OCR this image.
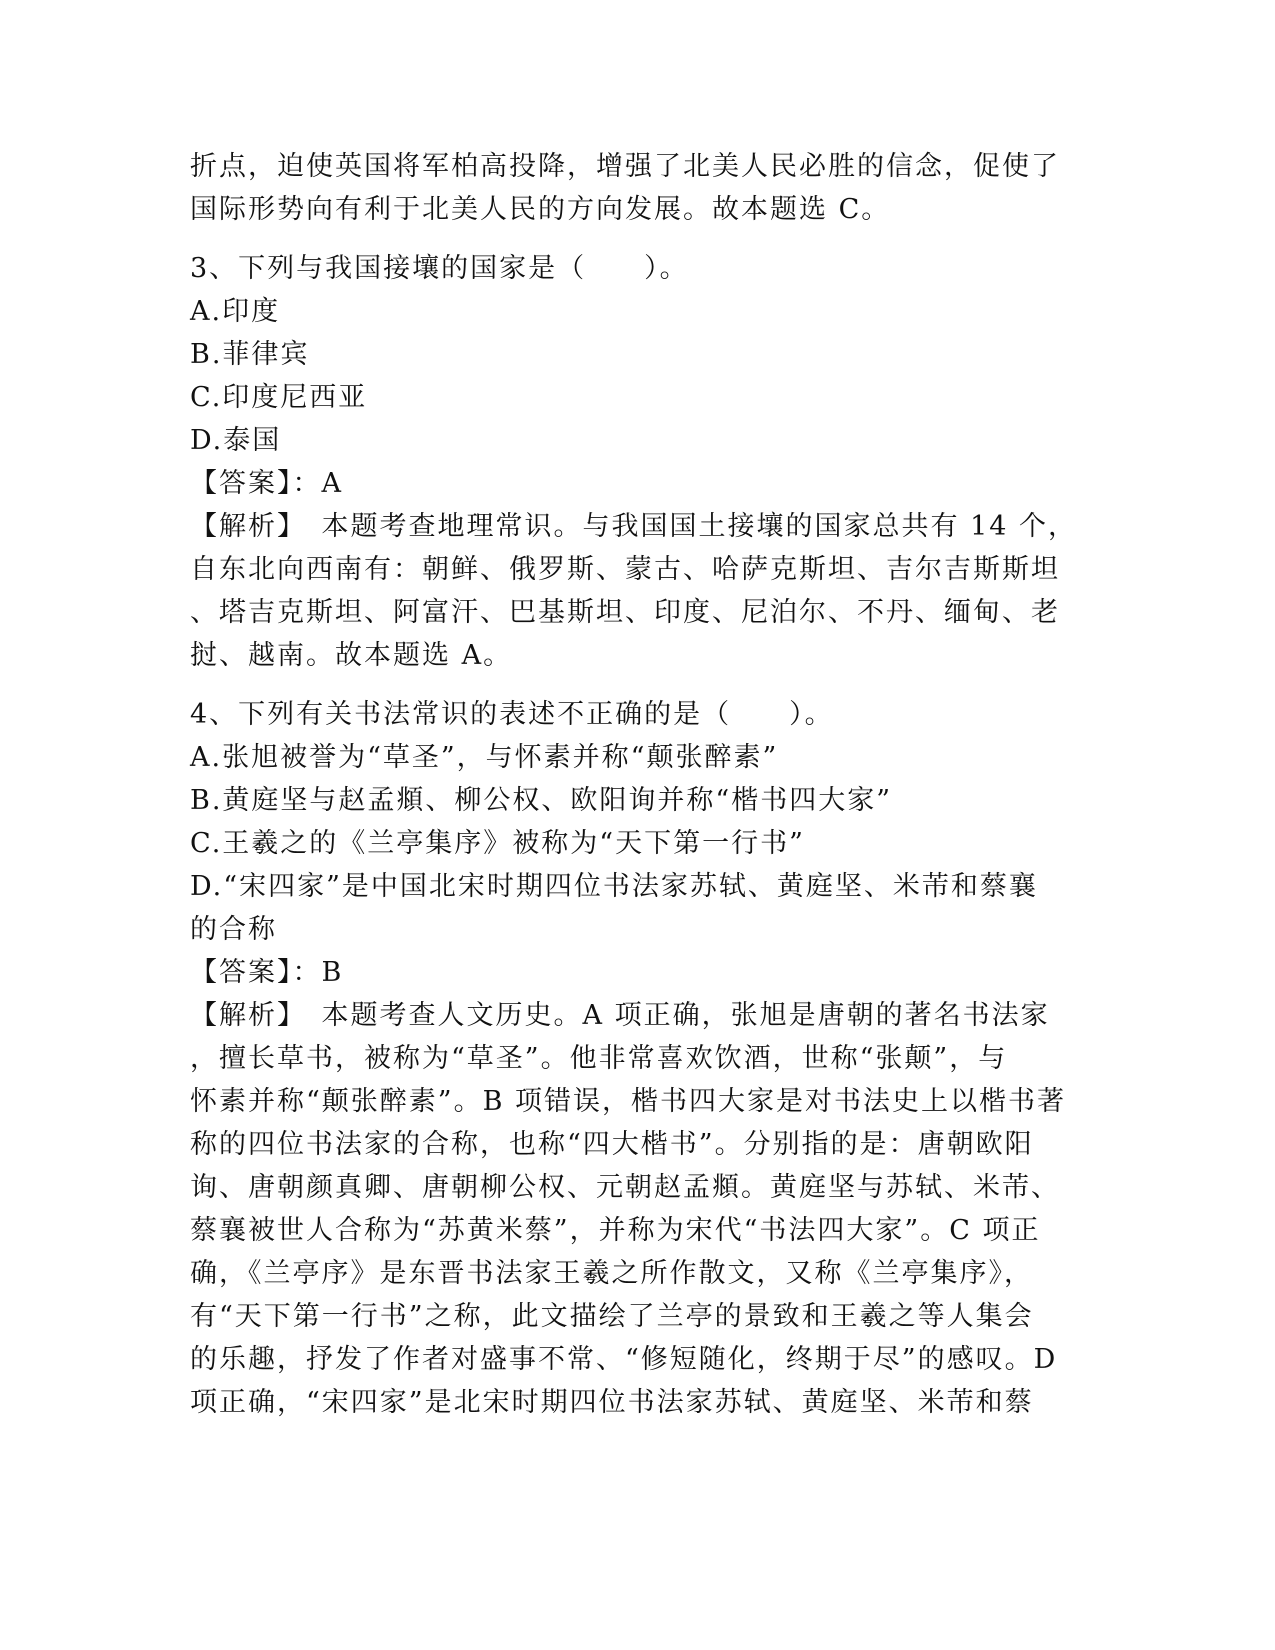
折点，迫使英国将军柏高投降，增强了北美人民必胜的信念，促使了
国际形势向有利于北美人民的方向发展。故本题选 C。
3、下列与我国接壤的国家是（　　）。
A.印度
B.菲律宾
C.印度尼西亚
D.泰国
【答案】：A
【解析】　本题考查地理常识。与我国国土接壤的国家总共有 14 个，
自东北向西南有：朝鲜、俄罗斯、蒙古、哈萨克斯坦、吉尔吉斯斯坦
、塔吉克斯坦、阿富汗、巴基斯坦、印度、尼泊尔、不丹、缅甸、老
挝、越南。故本题选 A。
4、下列有关书法常识的表述不正确的是（　　）。
A.张旭被誉为“草圣”，与怀素并称“颠张醉素”
B.黄庭坚与赵孟頫、柳公权、欧阳询并称“楷书四大家”
C.王羲之的《兰亭集序》被称为“天下第一行书”
D.“宋四家”是中国北宋时期四位书法家苏轼、黄庭坚、米芾和蔡襄
的合称
【答案】：B
【解析】　本题考查人文历史。A 项正确，张旭是唐朝的著名书法家
，擅长草书，被称为“草圣”。他非常喜欢饮酒，世称“张颠”，与
怀素并称“颠张醉素”。B 项错误，楷书四大家是对书法史上以楷书著
称的四位书法家的合称，也称“四大楷书”。分别指的是：唐朝欧阳
询、唐朝颜真卿、唐朝柳公权、元朝赵孟頫。黄庭坚与苏轼、米芾、
蔡襄被世人合称为“苏黄米蔡”，并称为宋代“书法四大家”。C 项正
确，《兰亭序》是东晋书法家王羲之所作散文，又称《兰亭集序》，
有“天下第一行书”之称，此文描绘了兰亭的景致和王羲之等人集会
的乐趣，抒发了作者对盛事不常、“修短随化，终期于尽”的感叹。D
项正确，“宋四家”是北宋时期四位书法家苏轼、黄庭坚、米芾和蔡
